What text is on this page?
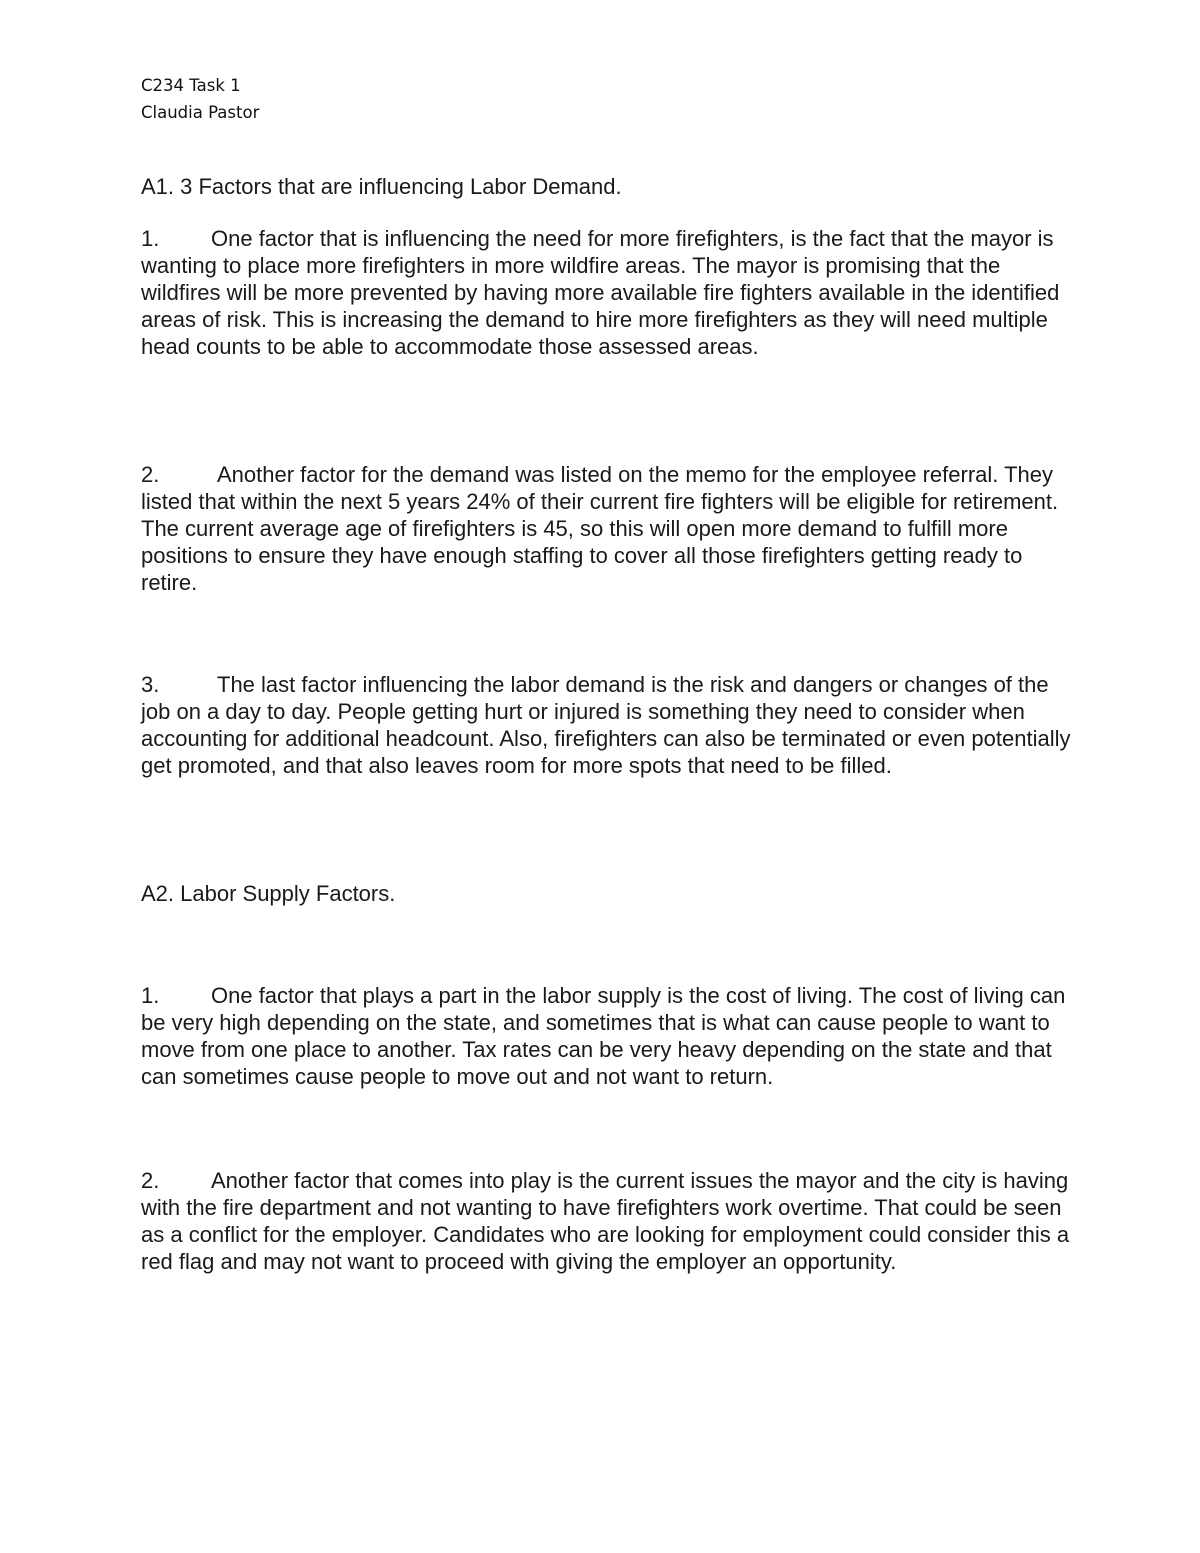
C234 Task 1
Claudia Pastor

A1. 3 Factors that are influencing Labor Demand.

1. One factor that is influencing the need for more firefighters, is the fact that the mayor is wanting to place more firefighters in more wildfire areas. The mayor is promising that the wildfires will be more prevented by having more available fire fighters available in the identified areas of risk. This is increasing the demand to hire more firefighters as they will need multiple head counts to be able to accommodate those assessed areas.

2.	Another factor for the demand was listed on the memo for the employee referral. They listed that within the next 5 years 24% of their current fire fighters will be eligible for retirement. The current average age of firefighters is 45, so this will open more demand to fulfill more positions to ensure they have enough staffing to cover all those firefighters getting ready to retire.

3.	The last factor influencing the labor demand is the risk and dangers or changes of the job on a day to day. People getting hurt or injured is something they need to consider when accounting for additional headcount. Also, firefighters can also be terminated or even potentially get promoted, and that also leaves room for more spots that need to be filled.

A2. Labor Supply Factors.

1. One factor that plays a part in the labor supply is the cost of living. The cost of living can be very high depending on the state, and sometimes that is what can cause people to want to move from one place to another. Tax rates can be very heavy depending on the state and that can sometimes cause people to move out and not want to return.

2. Another factor that comes into play is the current issues the mayor and the city is having with the fire department and not wanting to have firefighters work overtime. That could be seen as a conflict for the employer. Candidates who are looking for employment could consider this a red flag and may not want to proceed with giving the employer an opportunity.
